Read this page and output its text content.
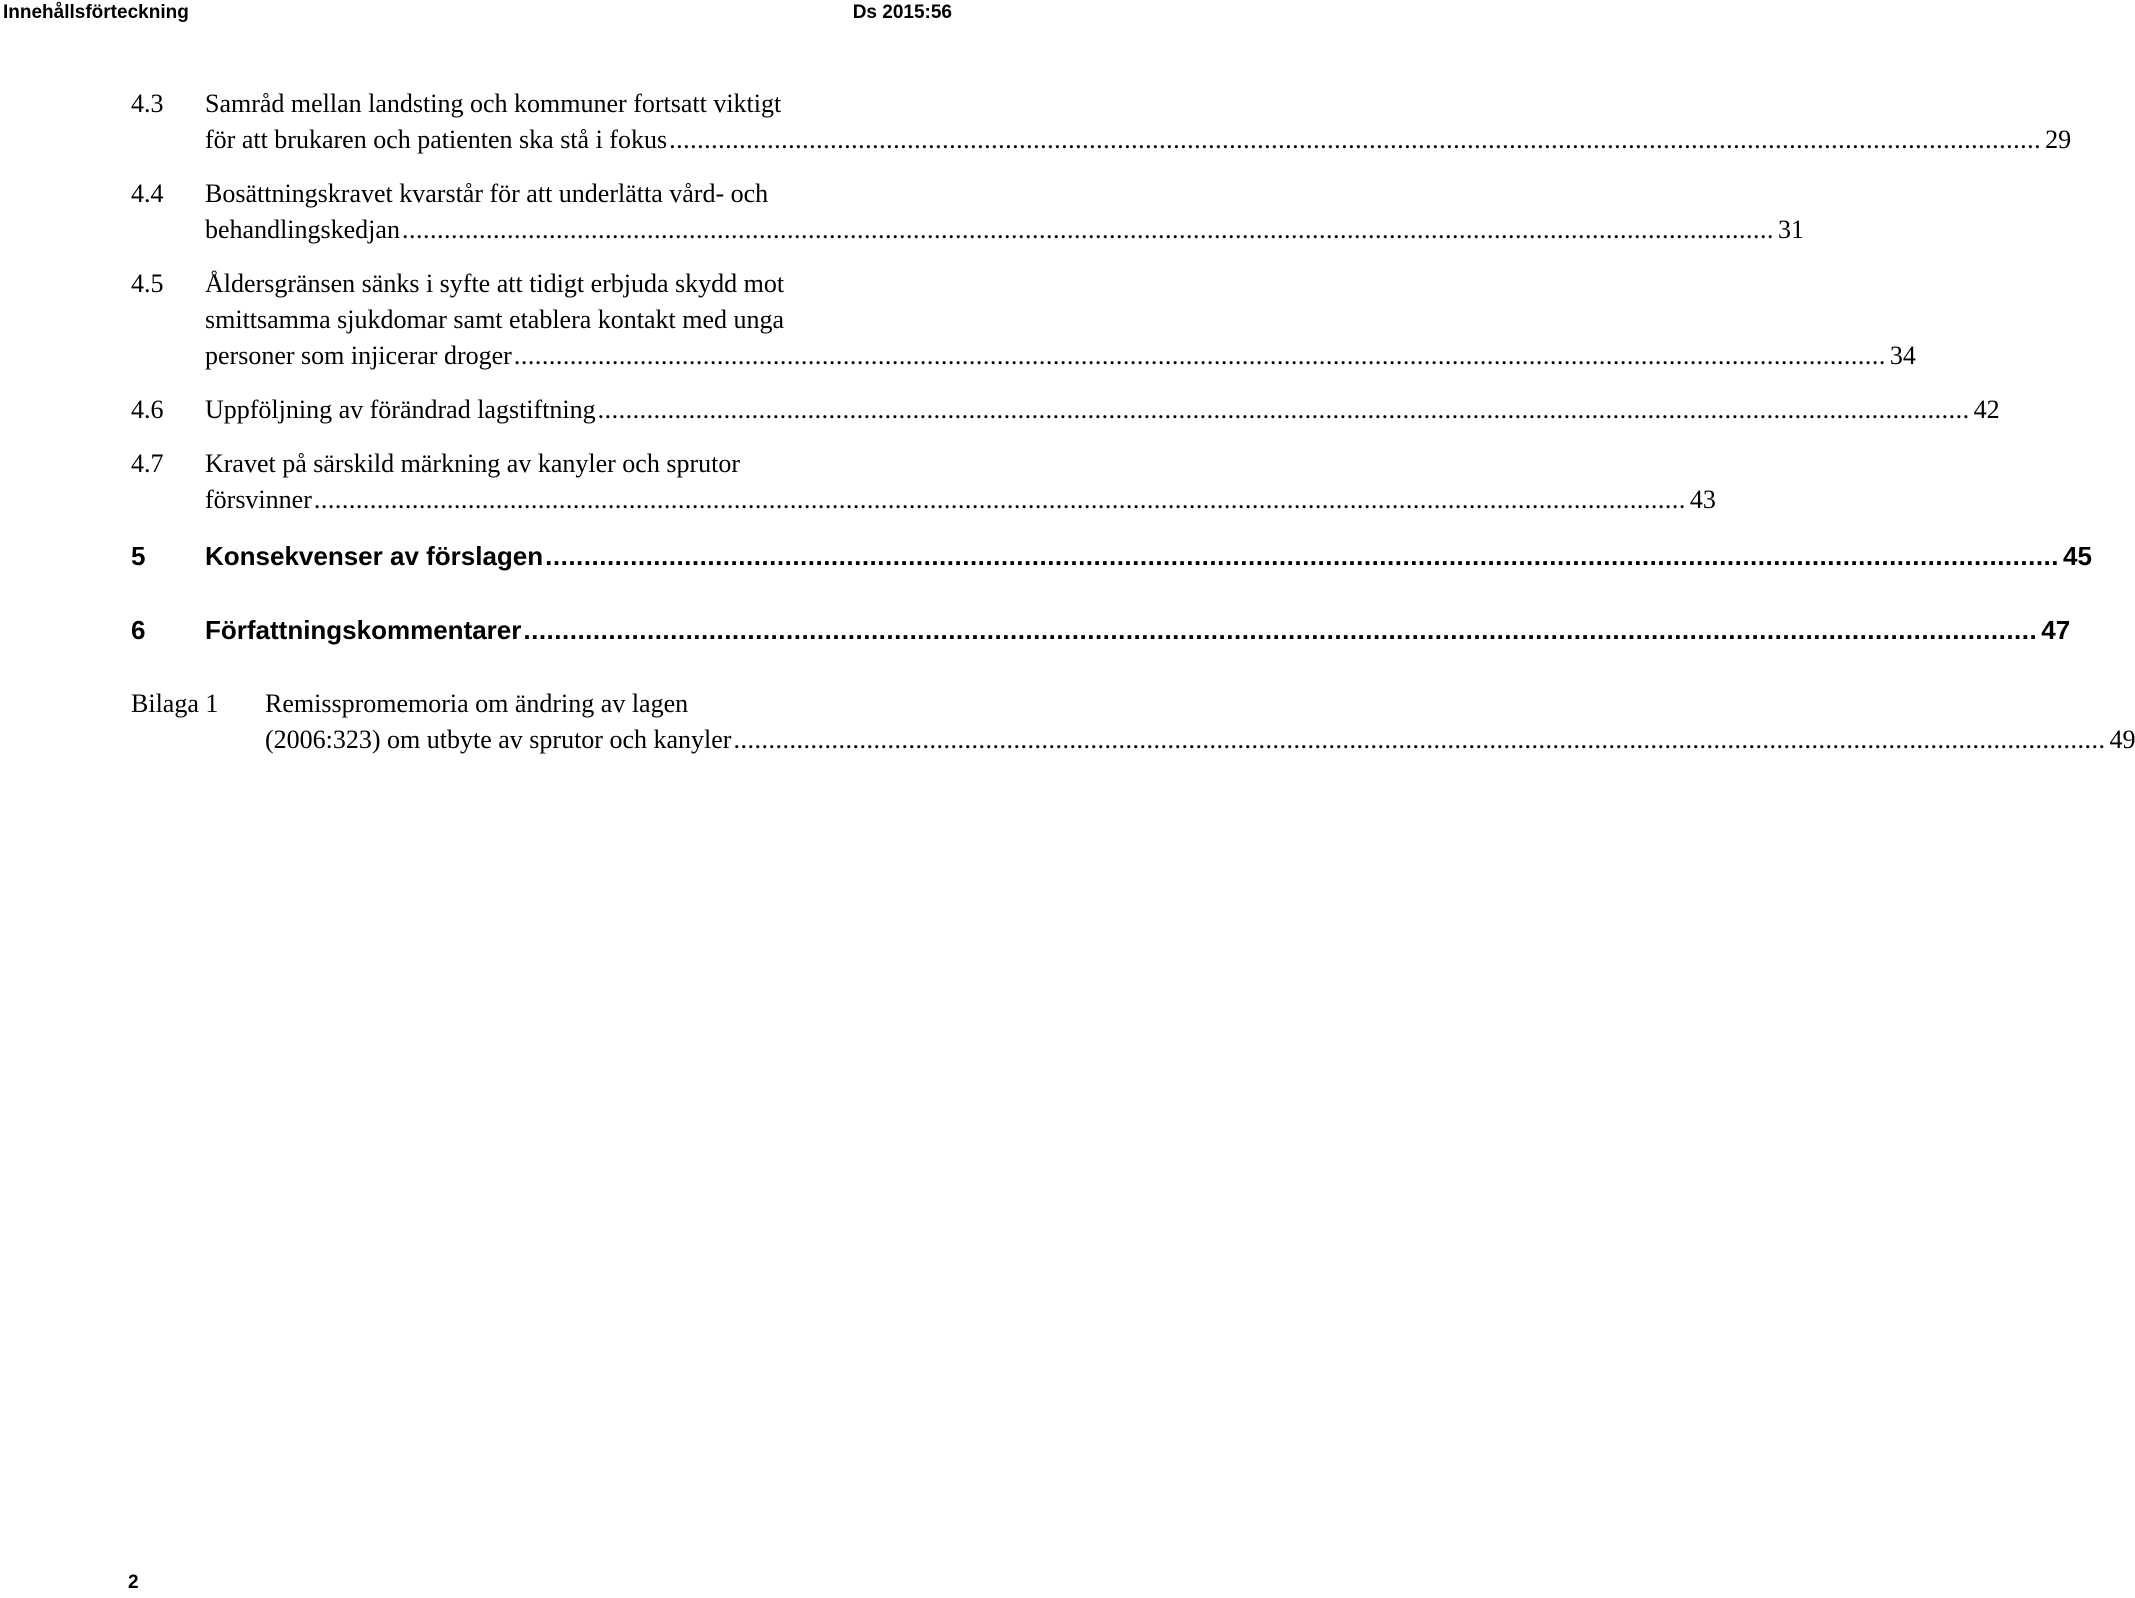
Innehållsförteckning	Ds 2015:56
4.3 Samråd mellan landsting och kommuner fortsatt viktigt
för att brukaren och patienten ska stå i fokus .................................................................................................................................................................................................... 29
4.4 Bosättningskravet kvarstår för att underlätta vård- och
behandlingskedjan .................................................................................................................................................................................................... 31
4.5 Åldersgränsen sänks i syfte att tidigt erbjuda skydd mot
smittsamma sjukdomar samt etablera kontakt med unga
personer som injicerar droger .................................................................................................................................................................................................... 34
4.6 Uppföljning av förändrad lagstiftning .................................................................................................................................................................................................... 42
4.7 Kravet på särskild märkning av kanyler och sprutor
försvinner .................................................................................................................................................................................................... 43
5 Konsekvenser av förslagen .................................................................................................................................................................................................... 45
6 Författningskommentarer .................................................................................................................................................................................................... 47
Bilaga 1 Remisspromemoria om ändring av lagen
(2006:323) om utbyte av sprutor och kanyler .................................................................................................................................................................................................... 49
2
